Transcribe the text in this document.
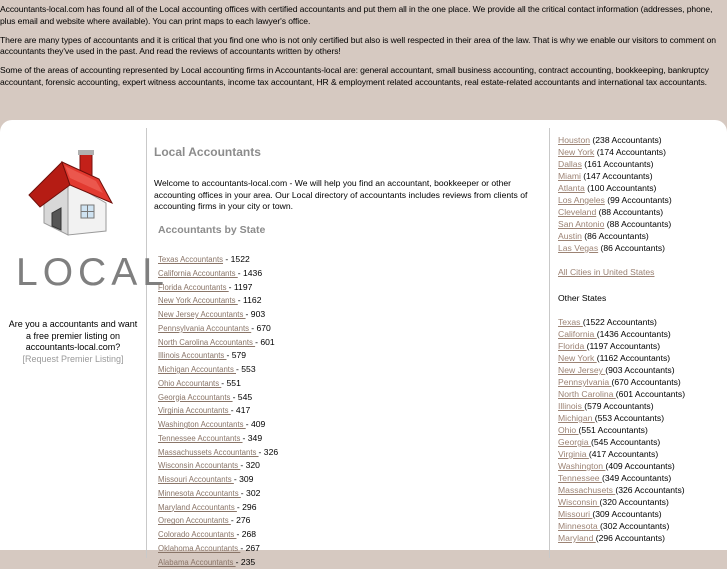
Accountants-local.com has found all of the Local accounting offices with certified accountants and put them all in the one place. We provide all the critical contact information (addresses, phone, plus email and website where available). You can print maps to each lawyer's office.

There are many types of accountants and it is critical that you find one who is not only certified but also is well respected in their area of the law. That is why we enable our visitors to comment on accountants they've used in the past. And read the reviews of accountants written by others!

Some of the areas of accounting represented by Local accounting firms in Accountants-local are: general accountant, small business accounting, contract accounting, bookkeeping, bankruptcy accountant, forensic accounting, expert witness accountants, income tax accountant, HR & employment related accountants, real estate-related accountants and international tax accountants.

LOCAL
Are you a accountants and want a free premier listing on accountants-local.com?
[Request Premier Listing]
Local Accountants
Welcome to accountants-local.com - We will help you find an accountant, bookkeeper or other accounting offices in your area. Our Local directory of accountants includes reviews from clients of accounting firms in your city or town.
Accountants by State
Texas Accountants - 1522
California Accountants - 1436
Florida Accountants - 1197
New York Accountants - 1162
New Jersey Accountants - 903
Pennsylvania Accountants - 670
North Carolina Accountants - 601
Illinois Accountants - 579
Michigan Accountants - 553
Ohio Accountants - 551
Georgia Accountants - 545
Virginia Accountants - 417
Washington Accountants - 409
Tennessee Accountants - 349
Massachussets Accountants - 326
Wisconsin Accountants - 320
Missouri Accountants - 309
Minnesota Accountants - 302
Maryland Accountants - 296
Oregon Accountants - 276
Colorado Accountants - 268
Oklahoma Accountants - 267
Alabama Accountants - 235
Houston (238 Accountants)
New York (174 Accountants)
Dallas (161 Accountants)
Miami (147 Accountants)
Atlanta (100 Accountants)
Los Angeles (99 Accountants)
Cleveland (88 Accountants)
San Antonio (88 Accountants)
Austin (86 Accountants)
Las Vegas (86 Accountants)
All Cities in United States
Other States
Texas (1522 Accountants)
California (1436 Accountants)
Florida (1197 Accountants)
New York (1162 Accountants)
New Jersey (903 Accountants)
Pennsylvania (670 Accountants)
North Carolina (601 Accountants)
Illinois (579 Accountants)
Michigan (553 Accountants)
Ohio (551 Accountants)
Georgia (545 Accountants)
Virginia (417 Accountants)
Washington (409 Accountants)
Tennessee (349 Accountants)
Massachusets (326 Accountants)
Wisconsin (320 Accountants)
Missouri (309 Accountants)
Minnesota (302 Accountants)
Maryland (296 Accountants)
